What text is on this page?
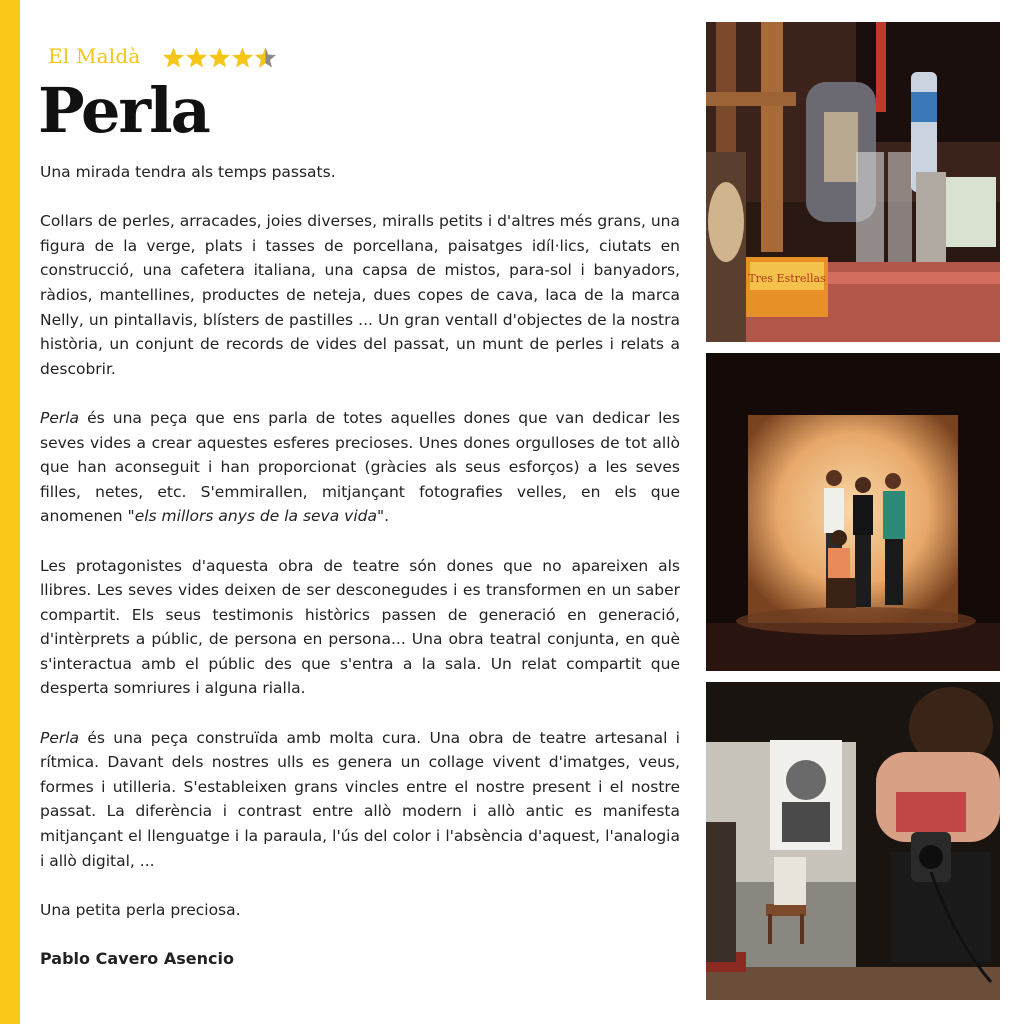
El Maldà
Perla

Una mirada tendra als temps passats.

Collars de perles, arracades, joies diverses, miralls petits i d'altres més grans, una figura de la verge, plats i tasses de porcellana, paisatges idíl·lics, ciutats en construcció, una cafetera italiana, una capsa de mistos, para-sol i banyadors, ràdios, mantellines, productes de neteja, dues copes de cava, laca de la marca Nelly, un pintallavis, blísters de pastilles ... Un gran ventall d'objectes de la nostra història, un conjunt de records de vides del passat, un munt de perles i relats a descobrir.

Perla és una peça que ens parla de totes aquelles dones que van dedicar les seves vides a crear aquestes esferes precioses. Unes dones orgulloses de tot allò que han aconseguit i han proporcionat (gràcies als seus esforços) a les seves filles, netes, etc. S'emmirallen, mitjançant fotografies velles, en els que anomenen "els millors anys de la seva vida".

Les protagonistes d'aquesta obra de teatre són dones que no apareixen als llibres. Les seves vides deixen de ser desconegudes i es transformen en un saber compartit. Els seus testimonis històrics passen de generació en generació, d'intèrprets a públic, de persona en persona... Una obra teatral conjunta, en què s'interactua amb el públic des que s'entra a la sala. Un relat compartit que desperta somriures i alguna rialla.

Perla és una peça construïda amb molta cura. Una obra de teatre artesanal i rítmica. Davant dels nostres ulls es genera un collage vivent d'imatges, veus, formes i utilleria. S'estableixen grans vincles entre el nostre present i el nostre passat. La diferència i contrast entre allò modern i allò antic es manifesta mitjançant el llenguatge i la paraula, l'ús del color i l'absència d'aquest, l'analogia i allò digital, ...

Una petita perla preciosa.

Pablo Cavero Asencio

Tres Estrellas
